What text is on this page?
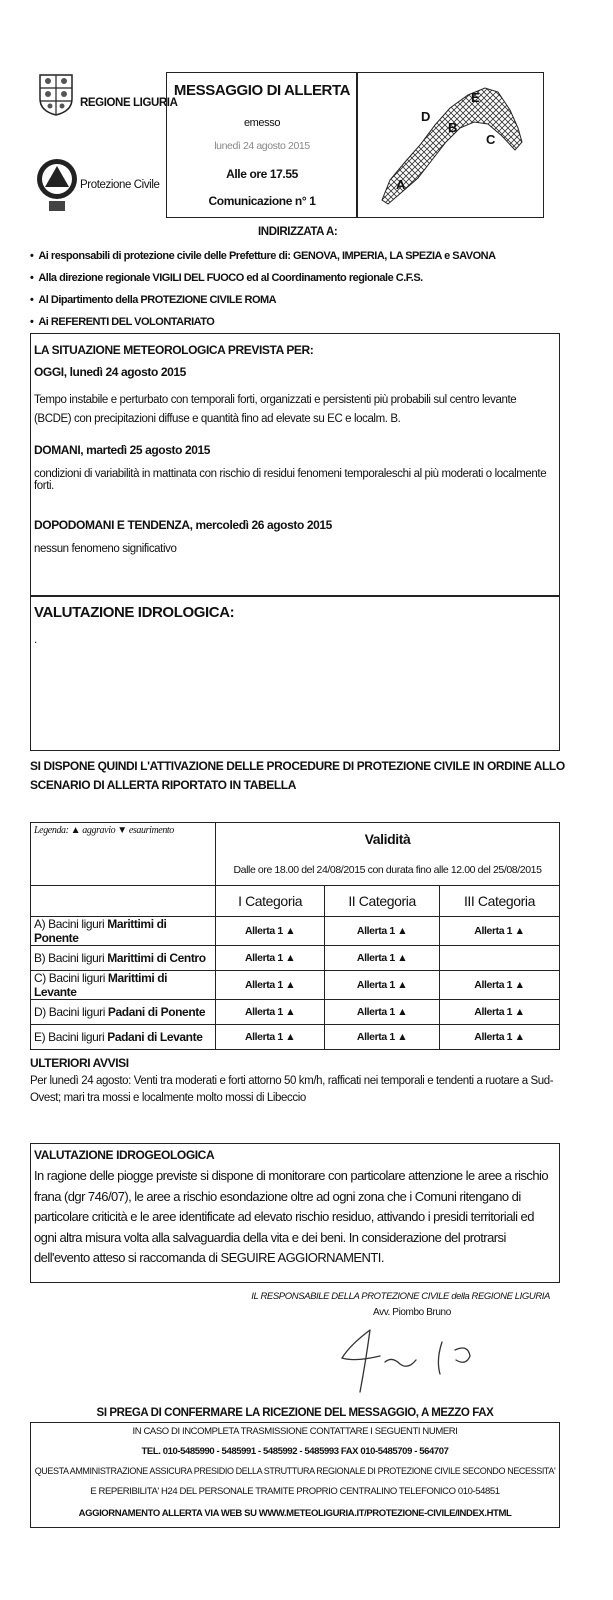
REGIONE LIGURIA
Protezione Civile
MESSAGGIO DI ALLERTA
emesso
lunedì 24 agosto 2015
Alle ore 17.55
Comunicazione n° 1
A
B
C
D
E
INDIRIZZATA A:
• Ai responsabili di protezione civile delle Prefetture di: GENOVA, IMPERIA, LA SPEZIA e SAVONA
• Alla direzione regionale VIGILI DEL FUOCO ed al Coordinamento regionale C.F.S.
• Al Dipartimento della PROTEZIONE CIVILE ROMA
• Ai REFERENTI DEL VOLONTARIATO
LA SITUAZIONE METEOROLOGICA PREVISTA PER:
OGGI, lunedì 24 agosto 2015
Tempo instabile e perturbato con temporali forti, organizzati e persistenti più probabili sul centro levante (BCDE) con precipitazioni diffuse e quantità fino ad elevate su EC e localm. B.
DOMANI, martedì 25 agosto 2015
condizioni di variabilità in mattinata con rischio di residui fenomeni temporaleschi al più moderati o localmente forti.
DOPODOMANI E TENDENZA, mercoledì 26 agosto 2015
nessun fenomeno significativo
VALUTAZIONE IDROLOGICA:
.
SI DISPONE QUINDI L'ATTIVAZIONE DELLE PROCEDURE DI PROTEZIONE CIVILE IN ORDINE ALLO
SCENARIO DI ALLERTA RIPORTATO IN TABELLA
Legenda: ▲ aggravio ▼ esaurimento	Validità		
	Dalle ore 18.00 del 24/08/2015 con durata fino alle 12.00 del 25/08/2015		
	I Categoria	II Categoria	III Categoria
A) Bacini liguri Marittimi di Ponente	Allerta 1 ▲	Allerta 1 ▲	Allerta 1 ▲
B) Bacini liguri Marittimi di Centro	Allerta 1 ▲	Allerta 1 ▲	
C) Bacini liguri Marittimi di Levante	Allerta 1 ▲	Allerta 1 ▲	Allerta 1 ▲
D) Bacini liguri Padani di Ponente	Allerta 1 ▲	Allerta 1 ▲	Allerta 1 ▲
E) Bacini liguri Padani di Levante	Allerta 1 ▲	Allerta 1 ▲	Allerta 1 ▲
ULTERIORI AVVISI
Per lunedì 24 agosto: Venti tra moderati e forti attorno 50 km/h, rafficati nei temporali e tendenti a ruotare a Sud-Ovest; mari tra mossi e localmente molto mossi di Libeccio
VALUTAZIONE IDROGEOLOGICA
In ragione delle piogge previste si dispone di monitorare con particolare attenzione le aree a rischio frana (dgr 746/07), le aree a rischio esondazione oltre ad ogni zona che i Comuni ritengano di particolare criticità e le aree identificate ad elevato rischio residuo, attivando i presidi territoriali ed ogni altra misura volta alla salvaguardia della vita e dei beni. In considerazione del protrarsi dell'evento atteso si raccomanda di SEGUIRE AGGIORNAMENTI.
IL RESPONSABILE DELLA PROTEZIONE CIVILE della REGIONE LIGURIA
Avv. Piombo Bruno
SI PREGA DI CONFERMARE LA RICEZIONE DEL MESSAGGIO, A MEZZO FAX
IN CASO DI INCOMPLETA TRASMISSIONE CONTATTARE I SEGUENTI NUMERI
TEL. 010-5485990 - 5485991 - 5485992 - 5485993 FAX 010-5485709 - 564707
QUESTA AMMINISTRAZIONE ASSICURA PRESIDIO DELLA STRUTTURA REGIONALE DI PROTEZIONE CIVILE SECONDO NECESSITA'
E REPERIBILITA' H24 DEL PERSONALE TRAMITE PROPRIO CENTRALINO TELEFONICO 010-54851
AGGIORNAMENTO ALLERTA VIA WEB SU WWW.METEOLIGURIA.IT/PROTEZIONE-CIVILE/INDEX.HTML
